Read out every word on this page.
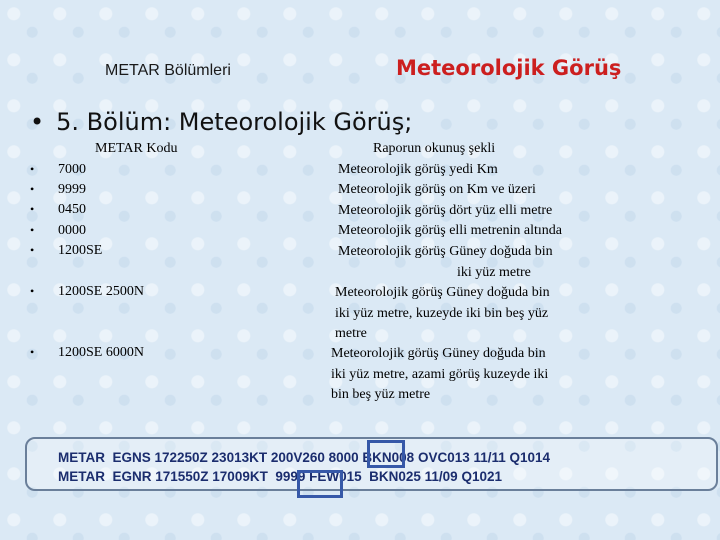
METAR Bölümleri	Meteorolojik Görüş
• 5. Bölüm: Meteorolojik Görüş;
METAR Kodu	Raporun okunuş şekli
• 7000
• 9999
• 0450
• 0000
• 1200SE
• 1200SE 2500N
• 1200SE 6000N
Meteorolojik görüş yedi Km
Meteorolojik görüş on Km ve üzeri
Meteorolojik görüş dört yüz elli metre
Meteorolojik görüş elli metrenin altında
Meteorolojik görüş Güney doğuda bin
iki yüz metre
Meteorolojik görüş Güney doğuda bin
iki yüz metre, kuzeyde iki bin beş yüz
metre
Meteorolojik görüş Güney doğuda bin
iki yüz metre, azami görüş kuzeyde iki
bin beş yüz metre
METAR  EGNS 172250Z 23013KT 200V260 8000 BKN008 OVC013 11/11 Q1014
METAR  EGNR 171550Z 17009KT  9999 FEW015  BKN025 11/09 Q1021
